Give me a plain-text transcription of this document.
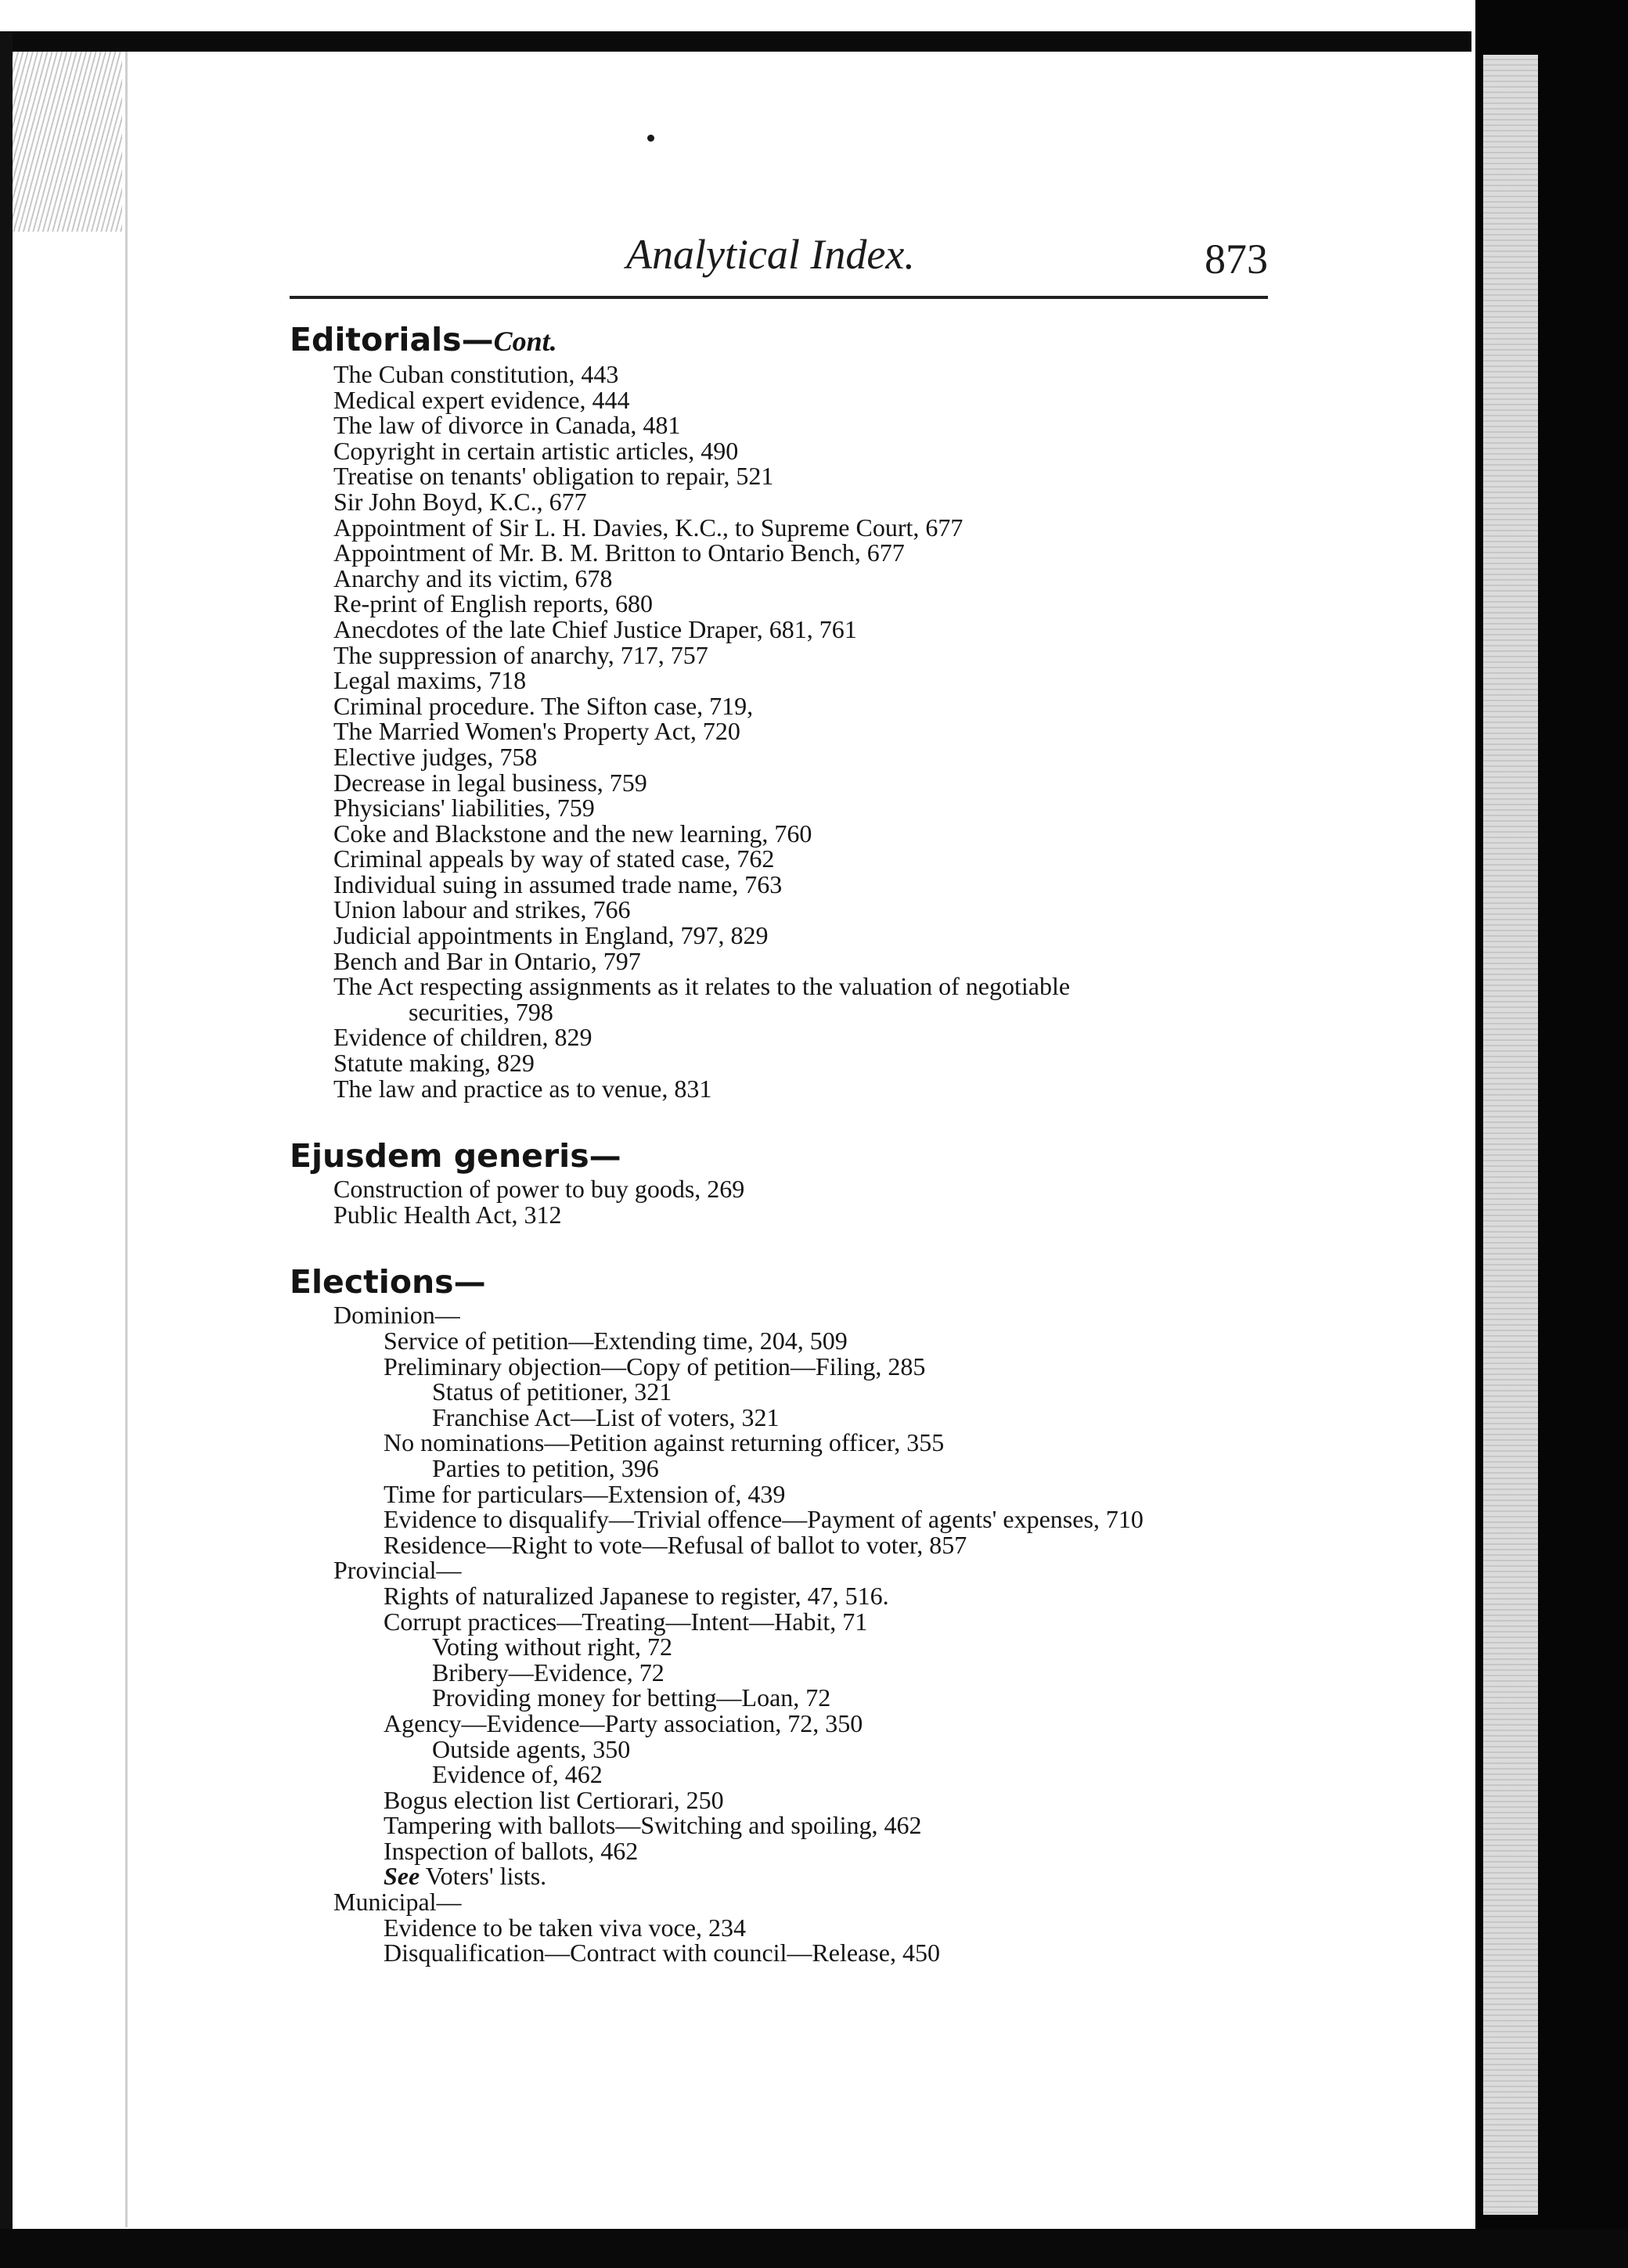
Analytical Index.	873
Editorials—Cont.
The Cuban constitution, 443
Medical expert evidence, 444
The law of divorce in Canada, 481
Copyright in certain artistic articles, 490
Treatise on tenants' obligation to repair, 521
Sir John Boyd, K.C., 677
Appointment of Sir L. H. Davies, K.C., to Supreme Court, 677
Appointment of Mr. B. M. Britton to Ontario Bench, 677
Anarchy and its victim, 678
Re-print of English reports, 680
Anecdotes of the late Chief Justice Draper, 681, 761
The suppression of anarchy, 717, 757
Legal maxims, 718
Criminal procedure. The Sifton case, 719,
The Married Women's Property Act, 720
Elective judges, 758
Decrease in legal business, 759
Physicians' liabilities, 759
Coke and Blackstone and the new learning, 760
Criminal appeals by way of stated case, 762
Individual suing in assumed trade name, 763
Union labour and strikes, 766
Judicial appointments in England, 797, 829
Bench and Bar in Ontario, 797
The Act respecting assignments as it relates to the valuation of negotiable
securities, 798
Evidence of children, 829
Statute making, 829
The law and practice as to venue, 831
Ejusdem generis—
Construction of power to buy goods, 269
Public Health Act, 312
Elections—
Dominion—
Service of petition—Extending time, 204, 509
Preliminary objection—Copy of petition—Filing, 285
Status of petitioner, 321
Franchise Act—List of voters, 321
No nominations—Petition against returning officer, 355
Parties to petition, 396
Time for particulars—Extension of, 439
Evidence to disqualify—Trivial offence—Payment of agents' expenses, 710
Residence—Right to vote—Refusal of ballot to voter, 857
Provincial—
Rights of naturalized Japanese to register, 47, 516.
Corrupt practices—Treating—Intent—Habit, 71
Voting without right, 72
Bribery—Evidence, 72
Providing money for betting—Loan, 72
Agency—Evidence—Party association, 72, 350
Outside agents, 350
Evidence of, 462
Bogus election list Certiorari, 250
Tampering with ballots—Switching and spoiling, 462
Inspection of ballots, 462
See Voters' lists.
Municipal—
Evidence to be taken viva voce, 234
Disqualification—Contract with council—Release, 450
